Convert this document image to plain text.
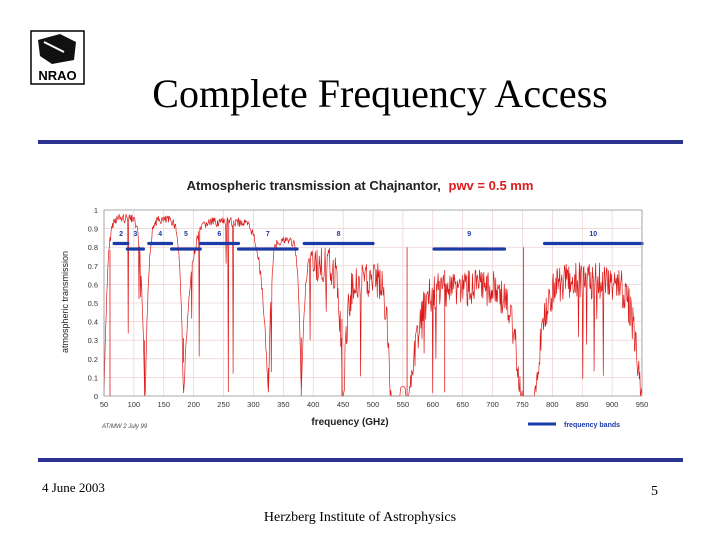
NRAO	Complete Frequency Access
Atmospheric transmission at Chajnantor, pwv = 0.5 mm
2 3	4	5	6	7	8	9	10
50	100 150 200 250 300 350 400 450 500 550 600 650 700 750 800 850 900 950
0
0.1
0.2
0.3
0.4
0.5
0.6
0.7
0.8
0.9
1
frequency (GHz)
atmospheric transmission
AT/MW 2 July 99	frequency bands
4 June 2003	5
Herzberg Institute of Astrophysics
